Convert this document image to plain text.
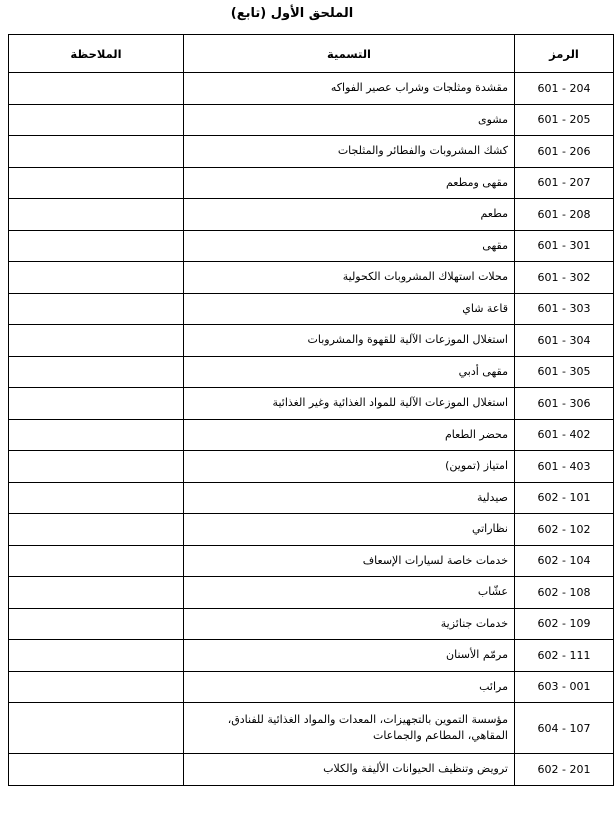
الملحق الأول (تابع)
الرمز	التسمية	الملاحظة
601 - 204	مقشدة ومثلجات وشراب عصير الفواكه	
601 - 205	مشوى	
601 - 206	كشك المشروبات والفطائر والمثلجات	
601 - 207	مقهى ومطعم	
601 - 208	مطعم	
601 - 301	مقهى	
601 - 302	محلات استهلاك المشروبات الكحولية	
601 - 303	قاعة شاي	
601 - 304	استغلال الموزعات الآلية للقهوة والمشروبات	
601 - 305	مقهى أدبي	
601 - 306	استغلال الموزعات الآلية للمواد الغذائية وغير الغذائية	
601 - 402	محضر الطعام	
601 - 403	امتياز (تموين)	
602 - 101	صيدلية	
602 - 102	نظاراتي	
602 - 104	خدمات خاصة لسيارات الإسعاف	
602 - 108	عشّاب	
602 - 109	خدمات جنائزية	
602 - 111	مرمّم الأسنان	
603 - 001	مرائب	
604 - 107	مؤسسة التموين بالتجهيزات، المعدات والمواد الغذائية للفنادق، المقاهي، المطاعم والجماعات	
602 - 201	ترويض وتنظيف الحيوانات الأليفة والكلاب	
